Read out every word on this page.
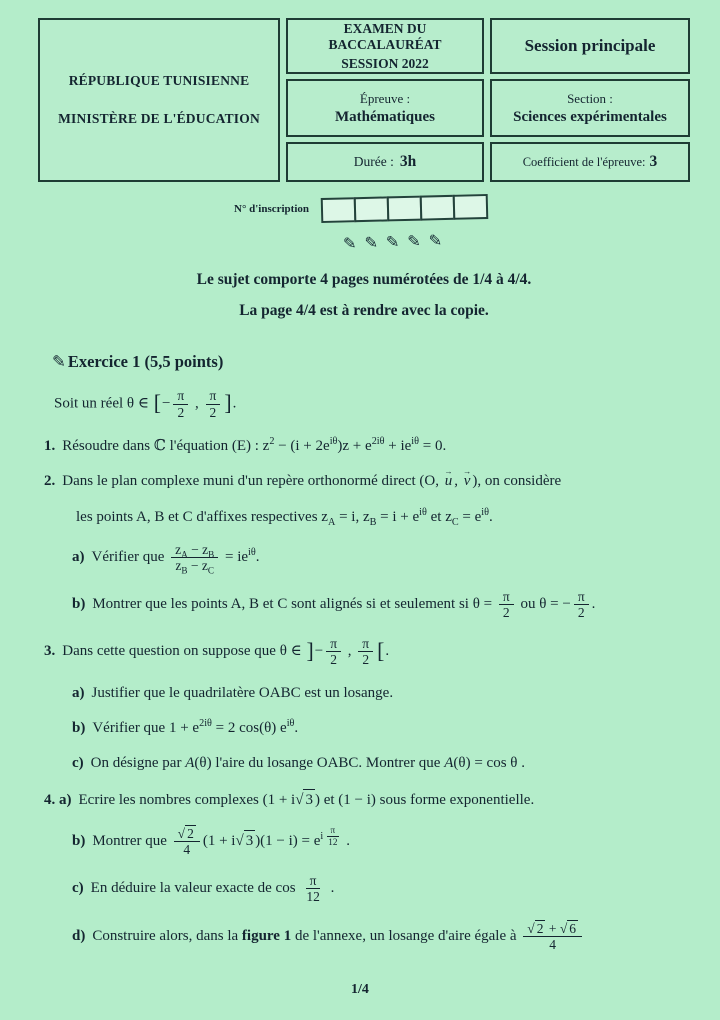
RÉPUBLIQUE TUNISIENNE
MINISTÈRE DE L'ÉDUCATION
EXAMEN DU BACCALAURÉAT
SESSION 2022
Épreuve :
Mathématiques
Durée : 3h
Session principale
Section :
Sciences expérimentales
Coefficient de l'épreuve: 3
N° d'inscription
✎✎✎✎✎
Le sujet comporte 4 pages numérotées de 1/4 à 4/4.
La page 4/4 est à rendre avec la copie.
✎ Exercice 1 (5,5 points)
Soit un réel θ ∈ [− $\frac{\pi}{2}$ , $\frac{\pi}{2}$ ].
1. Résoudre dans ℂ l'équation (E) : $z^2 - (i + 2e^{i\theta})z + e^{2i\theta} + ie^{i\theta} = 0$.
2. Dans le plan complexe muni d'un repère orthonormé direct (O, u → , v → ), on considère
les points A, B et C d'affixes respectives $z_A = i$, $z_B = i + e^{i\theta}$ et $z_C = e^{i\theta}$.
a) Vérifier que $\frac{z_A - z_B}{z_B - z_C} = ie^{i\theta}$.
b) Montrer que les points A, B et C sont alignés si et seulement si $\theta = \frac{\pi}{2}$ ou θ = − $\frac{\pi}{2}$ .
3. Dans cette question on suppose que θ ∈ ]− $\frac{\pi}{2}$ , $\frac{\pi}{2}$ [.
a) Justifier que le quadrilatère OABC est un losange.
b) Vérifier que $1 + e^{2i\theta} = 2$ cos(θ) $e^{i\theta}$.
c) On désigne par A(θ) l'aire du losange OABC. Montrer que A(θ) = cos θ .
4. a) Ecrire les nombres complexes (1 + i √ 3 ) et (1 − i) sous forme exponentielle.
b) Montrer que $\frac{√ 2}{4} (1 + i$ √ 3 )$(1 - i) = e^{i \frac{\pi}{12}}$ .
c) En déduire la valeur exacte de $\cos \frac{\pi}{12}$ .
d) Construire alors, dans la figure 1 de l'annexe, un losange d'aire égale à $\frac{√ 2 + √ 6}{4}$
1/4
